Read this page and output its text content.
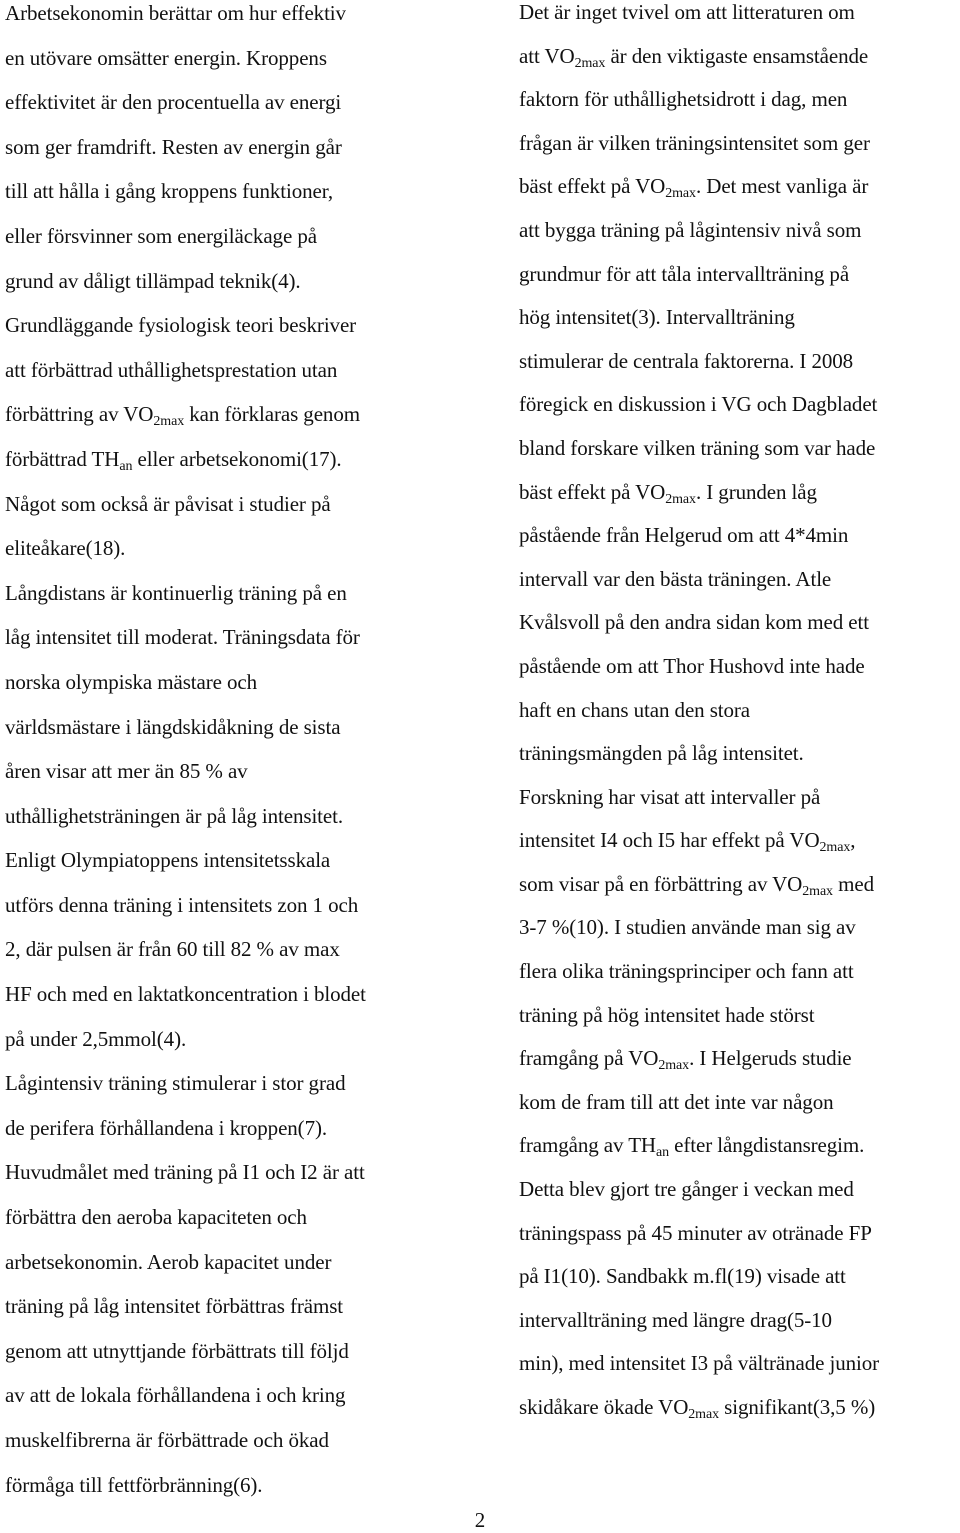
Arbetsekonomin berättar om hur effektiv
en utövare omsätter energin. Kroppens
effektivitet är den procentuella av energi
som ger framdrift. Resten av energin går
till att hålla i gång kroppens funktioner,
eller försvinner som energiläckage på
grund av dåligt tillämpad teknik(4).
Grundläggande fysiologisk teori beskriver
att förbättrad uthållighetsprestation utan
förbättring av $VO_{2max}$ kan förklaras genom
förbättrad $TH_{an}$ eller arbetsekonomi(17).
Något som också är påvisat i studier på
eliteåkare(18).
Långdistans är kontinuerlig träning på en
låg intensitet till moderat. Träningsdata för
norska olympiska mästare och
världsmästare i längdskidåkning de sista
åren visar att mer än 85 % av
uthållighetsträningen är på låg intensitet.
Enligt Olympiatoppens intensitetsskala
utförs denna träning i intensitets zon 1 och
2, där pulsen är från 60 till 82 % av max
HF och med en laktatkoncentration i blodet
på under 2,5mmol(4).
Lågintensiv träning stimulerar i stor grad
de perifera förhållandena i kroppen(7).
Huvudmålet med träning på I1 och I2 är att
förbättra den aeroba kapaciteten och
arbetsekonomin. Aerob kapacitet under
träning på låg intensitet förbättras främst
genom att utnyttjande förbättrats till följd
av att de lokala förhållandena i och kring
muskelfibrerna är förbättrade och ökad
förmåga till fettförbränning(6).
Det är inget tvivel om att litteraturen om
att $VO_{2max}$ är den viktigaste ensamstående
faktorn för uthållighetsidrott i dag, men
frågan är vilken träningsintensitet som ger
bäst effekt på $VO_{2max}$. Det mest vanliga är
att bygga träning på lågintensiv nivå som
grundmur för att tåla intervallträning på
hög intensitet(3). Intervallträning
stimulerar de centrala faktorerna. I 2008
föregick en diskussion i VG och Dagbladet
bland forskare vilken träning som var hade
bäst effekt på $VO_{2max}$. I grunden låg
påstående från Helgerud om att 4*4min
intervall var den bästa träningen. Atle
Kvålsvoll på den andra sidan kom med ett
påstående om att Thor Hushovd inte hade
haft en chans utan den stora
träningsmängden på låg intensitet.
Forskning har visat att intervaller på
intensitet I4 och I5 har effekt på $VO_{2max}$,
som visar på en förbättring av $VO_{2max}$ med
3-7 %(10). I studien använde man sig av
flera olika träningsprinciper och fann att
träning på hög intensitet hade störst
framgång på $VO_{2max}$. I Helgeruds studie
kom de fram till att det inte var någon
framgång av $TH_{an}$ efter långdistansregim.
Detta blev gjort tre gånger i veckan med
träningspass på 45 minuter av otränade FP
på I1(10). Sandbakk m.fl(19) visade att
intervallträning med längre drag(5-10
min), med intensitet I3 på vältränade junior
skidåkare ökade $VO_{2max}$ signifikant(3,5 %)
2
